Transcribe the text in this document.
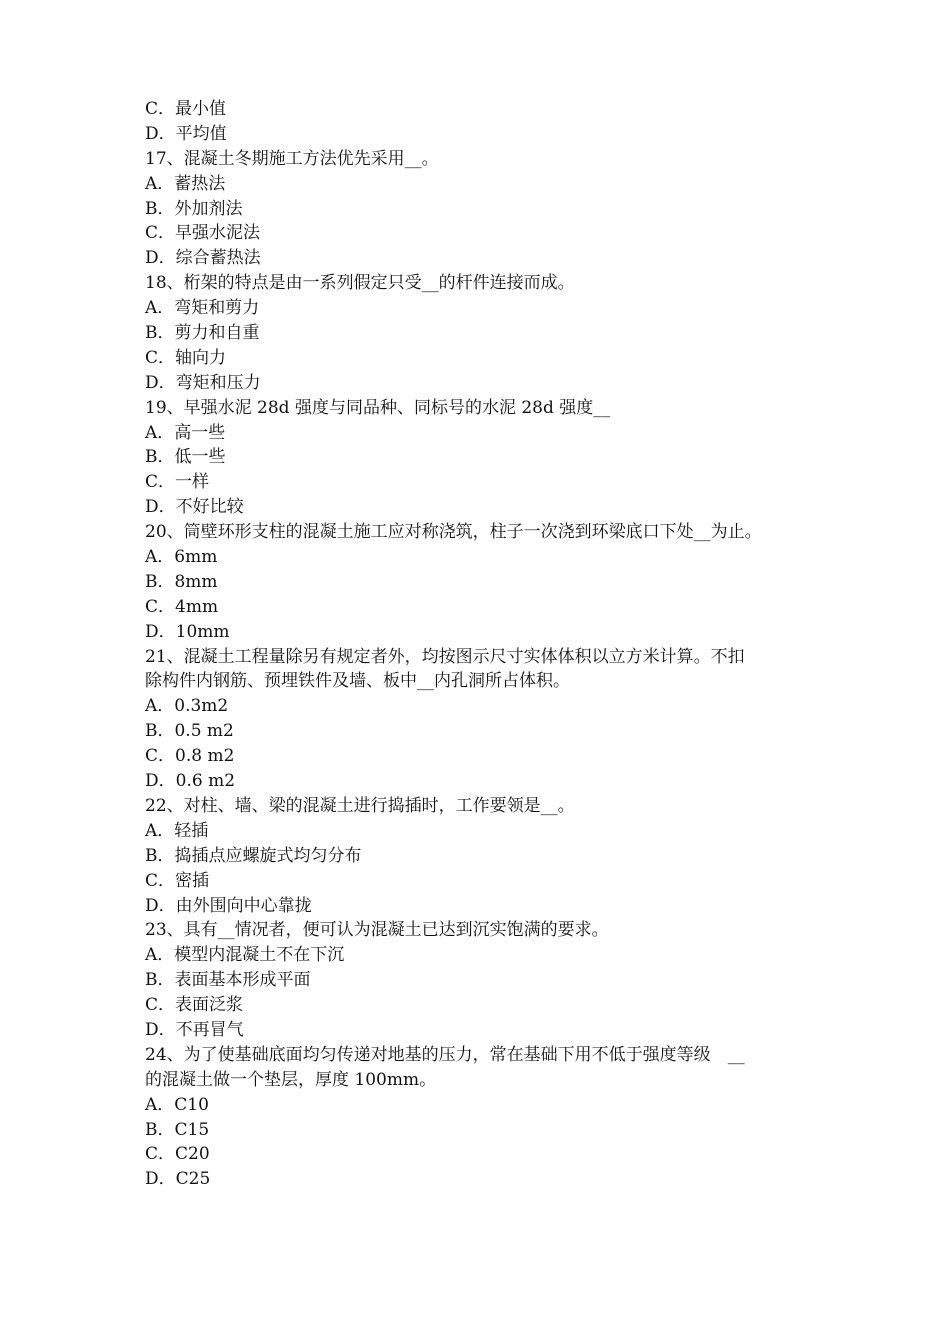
C．最小值
D．平均值
17、混凝土冬期施工方法优先采用__。
A．蓄热法
B．外加剂法
C．早强水泥法
D．综合蓄热法
18、桁架的特点是由一系列假定只受__的杆件连接而成。
A．弯矩和剪力
B．剪力和自重
C．轴向力
D．弯矩和压力
19、早强水泥 28d 强度与同品种、同标号的水泥 28d 强度__
A．高一些
B．低一些
C．一样
D．不好比较
20、筒壁环形支柱的混凝土施工应对称浇筑，柱子一次浇到环梁底口下处__为止。
A．6mm
B．8mm
C．4mm
D．10mm
21、混凝土工程量除另有规定者外，均按图示尺寸实体体积以立方米计算。不扣
除构件内钢筋、预埋铁件及墙、板中__内孔洞所占体积。
A．0.3m2
B．0.5 m2
C．0.8 m2
D．0.6 m2
22、对柱、墙、梁的混凝土进行捣插时，工作要领是__。
A．轻插
B．捣插点应螺旋式均匀分布
C．密插
D．由外围向中心靠拢
23、具有__情况者，便可认为混凝土已达到沉实饱满的要求。
A．模型内混凝土不在下沉
B．表面基本形成平面
C．表面泛浆
D．不再冒气
24、为了使基础底面均匀传递对地基的压力，常在基础下用不低于强度等级　__
的混凝土做一个垫层，厚度 100mm。
A．C10
B．C15
C．C20
D．C25
